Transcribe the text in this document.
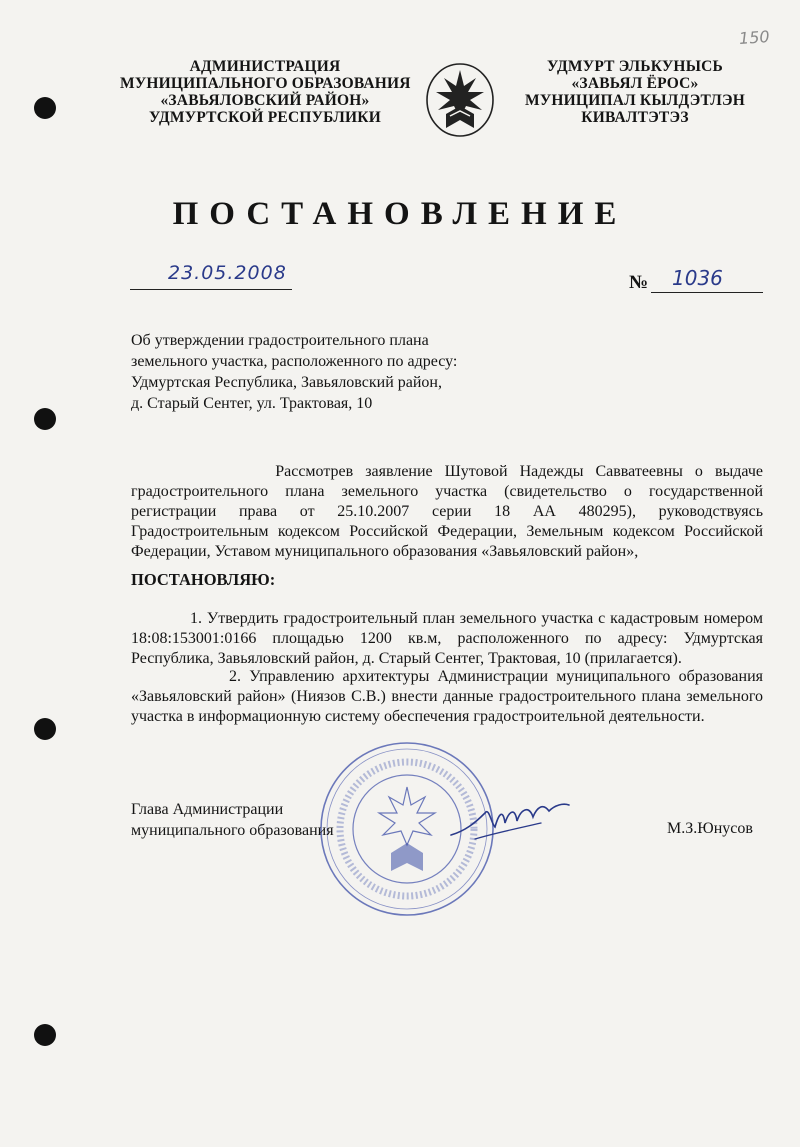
150
АДМИНИСТРАЦИЯ
МУНИЦИПАЛЬНОГО ОБРАЗОВАНИЯ
«ЗАВЬЯЛОВСКИЙ РАЙОН»
УДМУРТСКОЙ РЕСПУБЛИКИ
УДМУРТ ЭЛЬКУНЫСЬ
«ЗАВЬЯЛ ЁРОС»
МУНИЦИПАЛ КЫЛДЭТЛЭН
КИВАЛТЭТЭЗ
ПОСТАНОВЛЕНИЕ
23.05.2008	№ 1036
Об утверждении градостроительного плана
земельного участка, расположенного по адресу:
Удмуртская Республика, Завьяловский район,
д. Старый Сентег, ул. Трактовая, 10
Рассмотрев заявление Шутовой Надежды Савватеевны о выдаче
градостроительного плана земельного участка (свидетельство о государственной
регистрации права от 25.10.2007 серии 18 АА 480295), руководствуясь
Градостроительным кодексом Российской Федерации, Земельным кодексом Российской
Федерации, Уставом муниципального образования «Завьяловский район»,
ПОСТАНОВЛЯЮ:
1. Утвердить градостроительный план земельного участка с кадастровым номером
18:08:153001:0166 площадью 1200 кв.м, расположенного по адресу: Удмуртская
Республика, Завьяловский район, д. Старый Сентег, Трактовая, 10 (прилагается).
2. Управлению архитектуры Администрации муниципального образования
«Завьяловский район» (Ниязов С.В.) внести данные градостроительного плана земельного
участка в информационную систему обеспечения градостроительной деятельности.
Глава Администрации
муниципального образования	М.З.Юнусов
